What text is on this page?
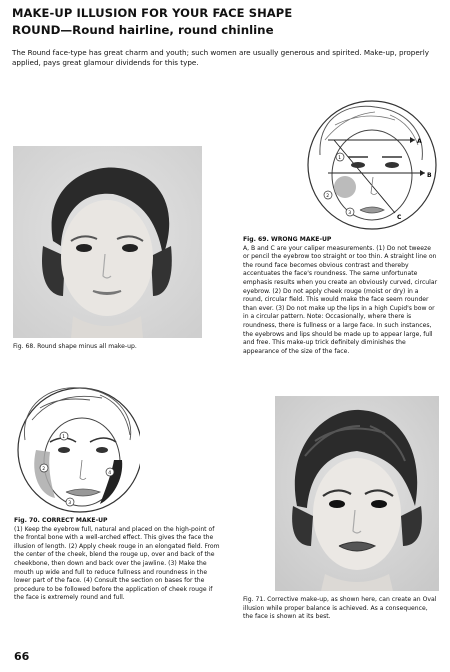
MAKE-UP ILLUSION FOR YOUR FACE SHAPE
ROUND—Round hairline, round chinline
The Round face-type has great charm and youth; such women are usually generous and spirited. Make-up, properly applied, pays great glamour dividends for this type.
Fig. 68. Round shape minus all make-up.
A
B
C
1
2
3
Fig. 69. WRONG MAKE-UP
A, B and C are your caliper measurements. (1) Do not tweeze or pencil the eyebrow too straight or too thin. A straight line on the round face becomes obvious contrast and thereby accentuates the face's roundness. The same unfortunate emphasis results when you create an obviously curved, circular eyebrow. (2) Do not apply cheek rouge (moist or dry) in a round, circular field. This would make the face seem rounder than ever. (3) Do not make up the lips in a high Cupid's bow or in a circular pattern. Note: Occasionally, where there is roundness, there is fullness or a large face. In such instances, the eyebrows and lips should be made up to appear large, full and free. This make-up trick definitely diminishes the appearance of the size of the face.
1
2
3
4
Fig. 70. CORRECT MAKE-UP
(1) Keep the eyebrow full, natural and placed on the high-point of the frontal bone with a well-arched effect. This gives the face the illusion of length. (2) Apply cheek rouge in an elongated field. From the center of the cheek, blend the rouge up, over and back of the cheekbone, then down and back over the jawline. (3) Make the mouth up wide and full to reduce fullness and roundness in the lower part of the face. (4) Consult the section on bases for the procedure to be followed before the application of cheek rouge if the face is extremely round and full.	Fig. 71. Corrective make-up, as shown here, can create an Oval illusion while proper balance is achieved. As a consequence, the face is shown at its best.
66
